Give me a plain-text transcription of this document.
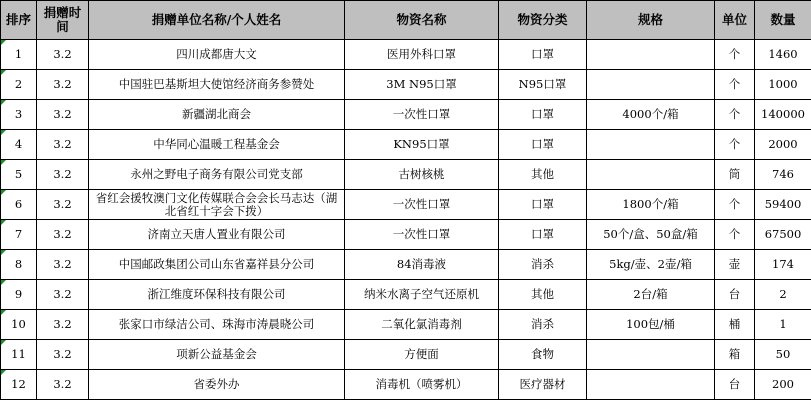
排序	捐赠时间	捐赠单位名称/个人姓名	物资名称	物资分类	规格	单位	数量

1	3.2	四川成都唐大文	医用外科口罩	口罩		个	1460

2	3.2	中国驻巴基斯坦大使馆经济商务参赞处	3M N95口罩	N95口罩		个	1000

3	3.2	新疆湖北商会	一次性口罩	口罩	4000个/箱	个	140000

4	3.2	中华同心温暖工程基金会	KN95口罩	口罩		个	2000

5	3.2	永州之野电子商务有限公司党支部	古树核桃	其他		筒	746

6	3.2	省红会援牧澳门文化传媒联合会会长马志达（湖北省红十字会下拨）	一次性口罩	口罩	1800个/箱	个	59400

7	3.2	济南立天唐人置业有限公司	一次性口罩	口罩	50个/盒、50盒/箱	个	67500

8	3.2	中国邮政集团公司山东省嘉祥县分公司	84消毒液	消杀	5kg/壶、2壶/箱	壶	174

9	3.2	浙江维度环保科技有限公司	纳米水离子空气还原机	其他	2台/箱	台	2

10	3.2	张家口市绿洁公司、珠海市涛晨晓公司	二氧化氯消毒剂	消杀	100包/桶	桶	1

11	3.2	项新公益基金会	方便面	食物		箱	50

12	3.2	省委外办	消毒机（喷雾机）	医疗器材		台	200
